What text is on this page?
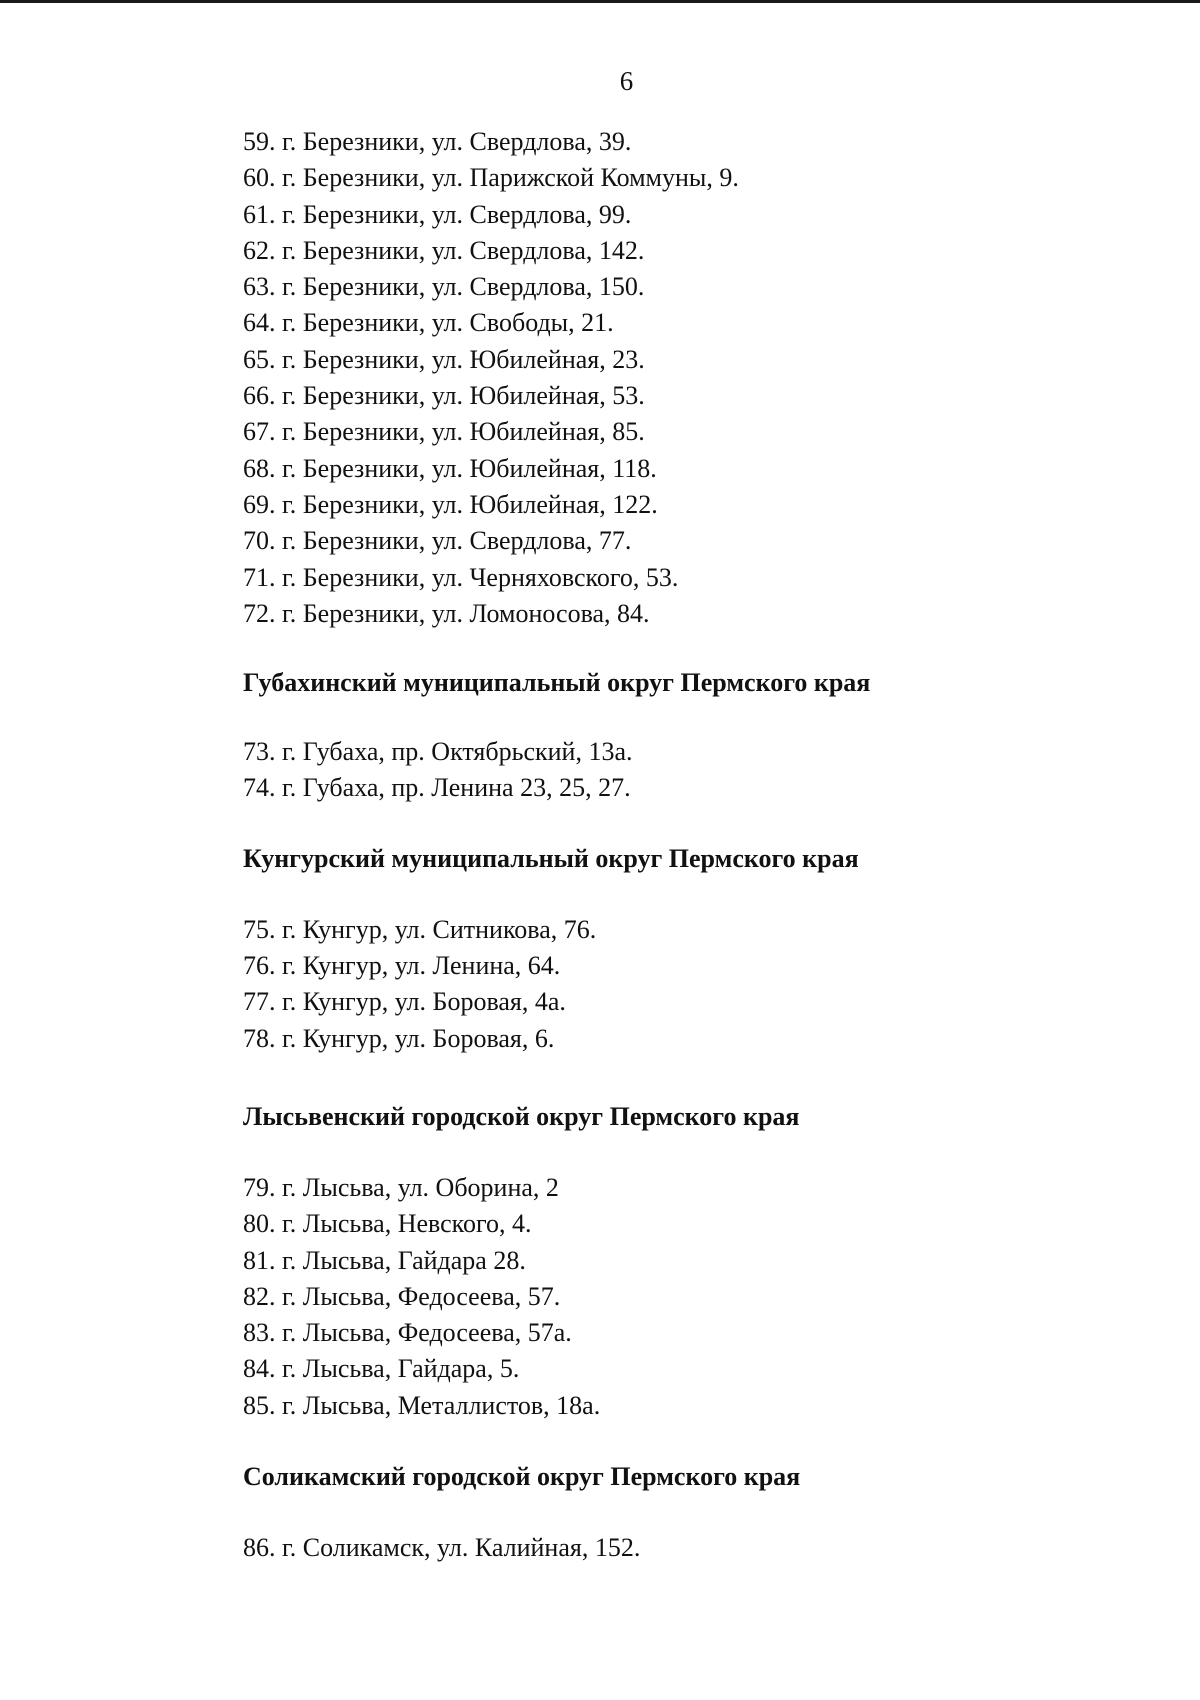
6
59. г. Березники, ул. Свердлова, 39.
60. г. Березники, ул. Парижской Коммуны, 9.
61. г. Березники, ул. Свердлова, 99.
62. г. Березники, ул. Свердлова, 142.
63. г. Березники, ул. Свердлова, 150.
64. г. Березники, ул. Свободы, 21.
65. г. Березники, ул. Юбилейная, 23.
66. г. Березники, ул. Юбилейная, 53.
67. г. Березники, ул. Юбилейная, 85.
68. г. Березники, ул. Юбилейная, 118.
69. г. Березники, ул. Юбилейная, 122.
70. г. Березники, ул. Свердлова, 77.
71. г. Березники, ул. Черняховского, 53.
72. г. Березники, ул. Ломоносова, 84.
Губахинский муниципальный округ Пермского края
73. г. Губаха, пр. Октябрьский, 13а.
74. г. Губаха, пр. Ленина 23, 25, 27.
Кунгурский муниципальный округ Пермского края
75. г. Кунгур, ул. Ситникова, 76.
76. г. Кунгур, ул. Ленина, 64.
77. г. Кунгур, ул. Боровая, 4а.
78. г. Кунгур, ул. Боровая, 6.
Лысьвенский городской округ Пермского края
79. г. Лысьва, ул. Оборина, 2
80. г. Лысьва, Невского, 4.
81. г. Лысьва, Гайдара 28.
82. г. Лысьва, Федосеева, 57.
83. г. Лысьва, Федосеева, 57а.
84. г. Лысьва, Гайдара, 5.
85. г. Лысьва, Металлистов, 18а.
Соликамский городской округ Пермского края
86. г. Соликамск, ул. Калийная, 152.
